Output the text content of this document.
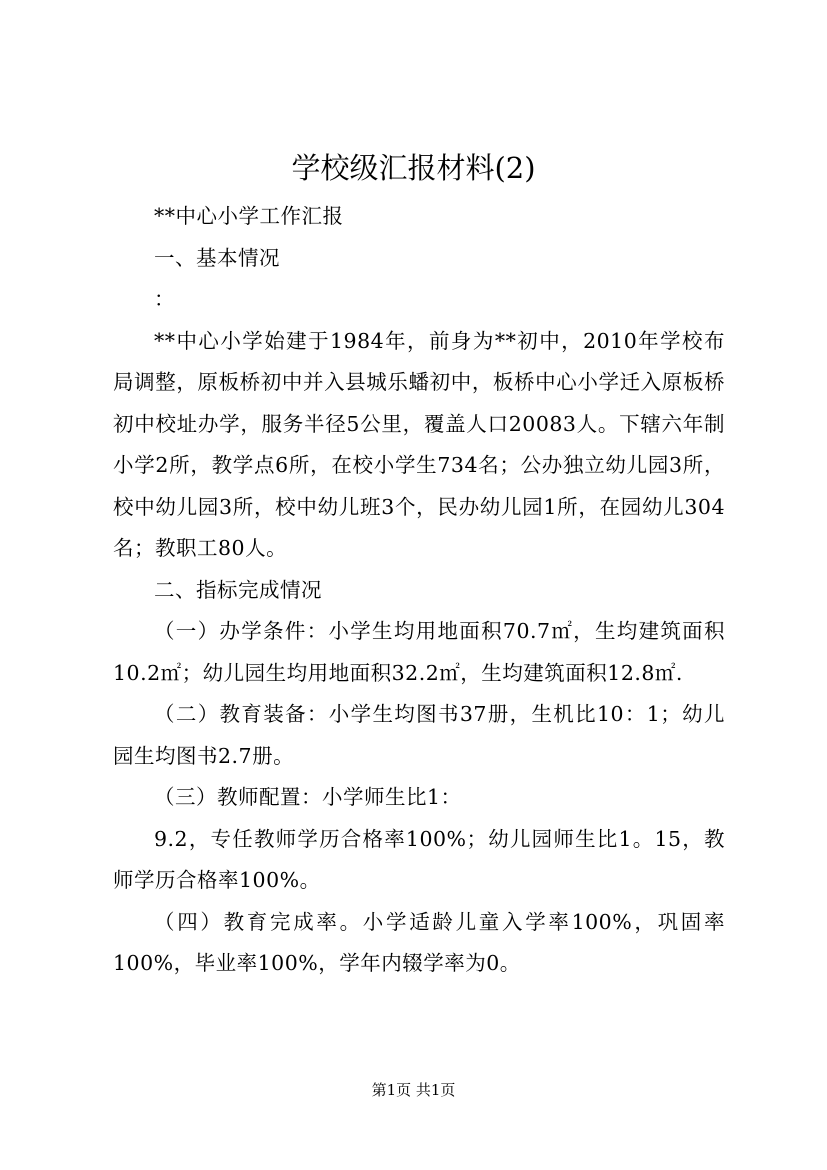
学校级汇报材料(2)

**中心小学工作汇报

一、基本情况

：

**中心小学始建于1984年，前身为**初中，2010年学校布局调整，原板桥初中并入县城乐蟠初中，板桥中心小学迁入原板桥初中校址办学，服务半径5公里，覆盖人口20083人。下辖六年制小学2所，教学点6所，在校小学生734名；公办独立幼儿园3所，校中幼儿园3所，校中幼儿班3个，民办幼儿园1所，在园幼儿304名；教职工80人。

二、指标完成情况

（一）办学条件：小学生均用地面积70.7㎡，生均建筑面积10.2㎡；幼儿园生均用地面积32.2㎡，生均建筑面积12.8㎡.

（二）教育装备：小学生均图书37册，生机比10：1；幼儿园生均图书2.7册。

（三）教师配置：小学师生比1：

9.2，专任教师学历合格率100%；幼儿园师生比1。15，教师学历合格率100%。

（四）教育完成率。小学适龄儿童入学率100%，巩固率100%，毕业率100%，学年内辍学率为0。

第1页 共1页
